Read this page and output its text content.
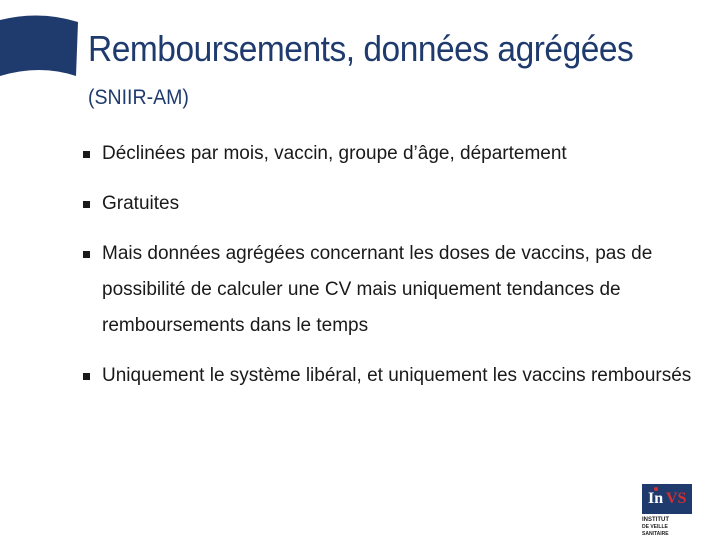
Remboursements, données agrégées
(SNIIR-AM)
Déclinées par mois, vaccin, groupe d’âge, département
Gratuites
Mais données agrégées concernant les doses de vaccins, pas de possibilité de calculer une CV mais uniquement tendances de remboursements dans le temps
Uniquement le système libéral, et uniquement les vaccins remboursés
In VS
INSTITUT
DE VEILLE
SANITAIRE
